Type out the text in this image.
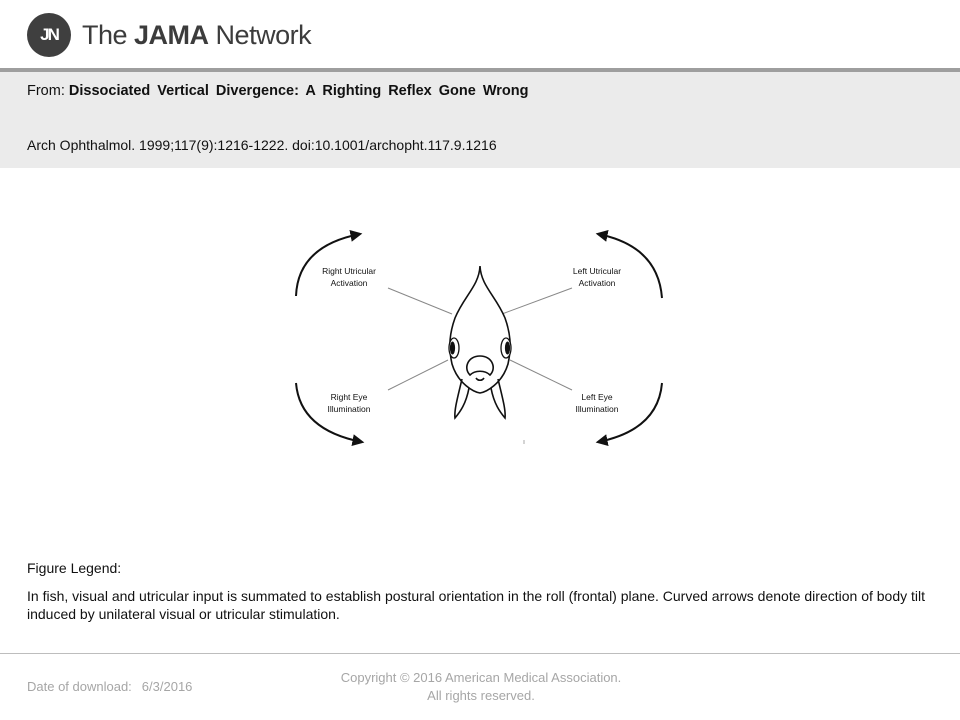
JN The JAMA Network
From: Dissociated Vertical Divergence: A Righting Reflex Gone Wrong
Arch Ophthalmol. 1999;117(9):1216-1222. doi:10.1001/archopht.117.9.1216
Right Utricular
Activation
Left Utricular
Activation
Right Eye
Illumination
Left Eye
Illumination
Figure Legend:
In fish, visual and utricular input is summated to establish postural orientation in the roll (frontal) plane. Curved arrows denote direction of body tilt induced by unilateral visual or utricular stimulation.
Date of download: 6/3/2016
Copyright © 2016 American Medical Association. All rights reserved.
